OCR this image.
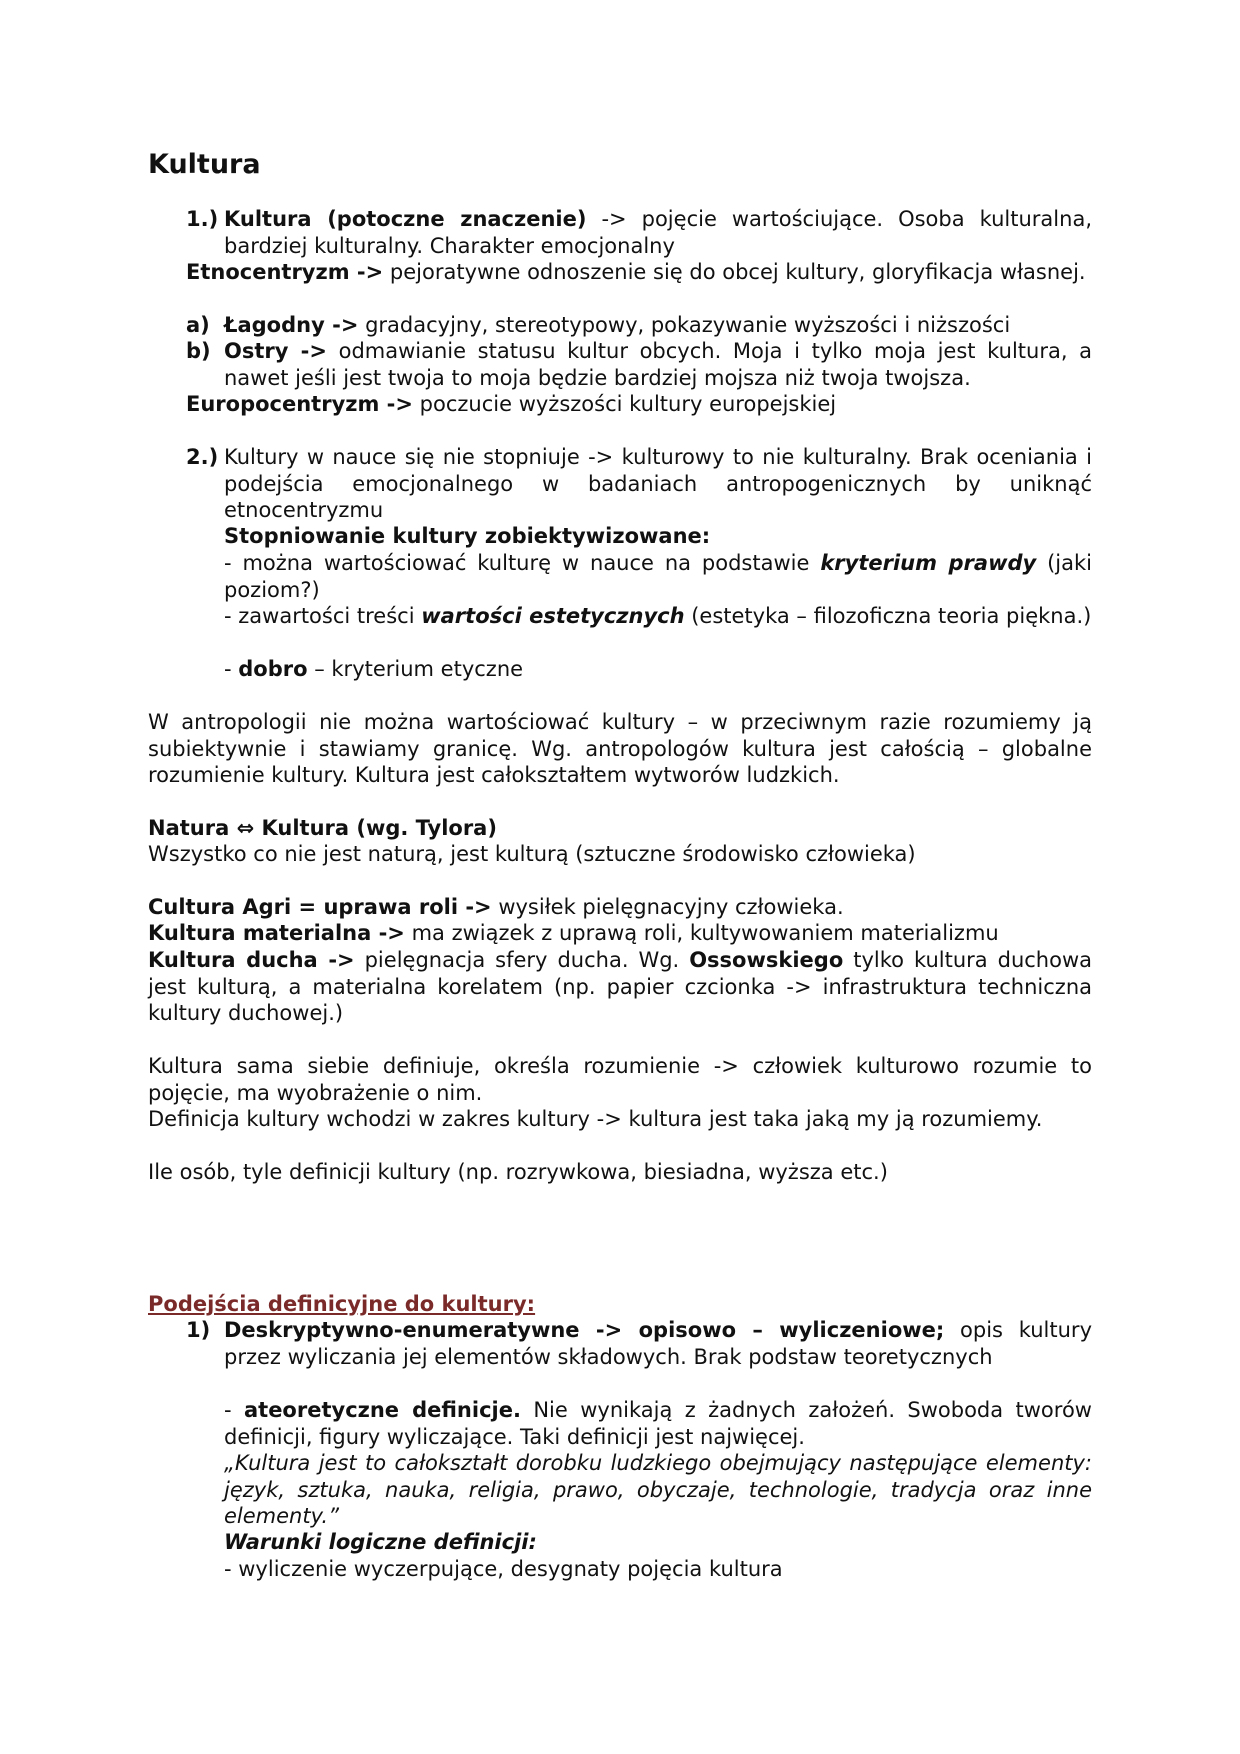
Kultura
1.) Kultura (potoczne znaczenie) -> pojęcie wartościujące. Osoba kulturalna, bardziej kulturalny. Charakter emocjonalny
Etnocentryzm -> pejoratywne odnoszenie się do obcej kultury, gloryfikacja własnej.
a) Łagodny -> gradacyjny, stereotypowy, pokazywanie wyższości i niższości
b) Ostry -> odmawianie statusu kultur obcych. Moja i tylko moja jest kultura, a nawet jeśli jest twoja to moja będzie bardziej mojsza niż twoja twojsza.
Europocentryzm -> poczucie wyższości kultury europejskiej
2.) Kultury w nauce się nie stopniuje -> kulturowy to nie kulturalny. Brak oceniania i podejścia emocjonalnego w badaniach antropogenicznych by uniknąć etnocentryzmu
Stopniowanie kultury zobiektywizowane:
- można wartościować kulturę w nauce na podstawie kryterium prawdy (jaki poziom?)
- zawartości treści wartości estetycznych (estetyka – filozoficzna teoria piękna.)
- dobro – kryterium etyczne
W antropologii nie można wartościować kultury – w przeciwnym razie rozumiemy ją subiektywnie i stawiamy granicę. Wg. antropologów kultura jest całością – globalne rozumienie kultury. Kultura jest całokształtem wytworów ludzkich.
Natura ⇔ Kultura (wg. Tylora)
Wszystko co nie jest naturą, jest kulturą (sztuczne środowisko człowieka)
Cultura Agri = uprawa roli -> wysiłek pielęgnacyjny człowieka.
Kultura materialna -> ma związek z uprawą roli, kultywowaniem materializmu
Kultura ducha -> pielęgnacja sfery ducha. Wg. Ossowskiego tylko kultura duchowa jest kulturą, a materialna korelatem (np. papier czcionka -> infrastruktura techniczna kultury duchowej.)
Kultura sama siebie definiuje, określa rozumienie -> człowiek kulturowo rozumie to pojęcie, ma wyobrażenie o nim.
Definicja kultury wchodzi w zakres kultury -> kultura jest taka jaką my ją rozumiemy.
Ile osób, tyle definicji kultury (np. rozrywkowa, biesiadna, wyższa etc.)
Podejścia definicyjne do kultury:
1) Deskryptywno-enumeratywne -> opisowo – wyliczeniowe; opis kultury przez wyliczania jej elementów składowych. Brak podstaw teoretycznych
- ateoretyczne definicje. Nie wynikają z żadnych założeń. Swoboda tworów definicji, figury wyliczające. Taki definicji jest najwięcej.
„Kultura jest to całokształt dorobku ludzkiego obejmujący następujące elementy: język, sztuka, nauka, religia, prawo, obyczaje, technologie, tradycja oraz inne elementy.”
Warunki logiczne definicji:
- wyliczenie wyczerpujące, desygnaty pojęcia kultura
